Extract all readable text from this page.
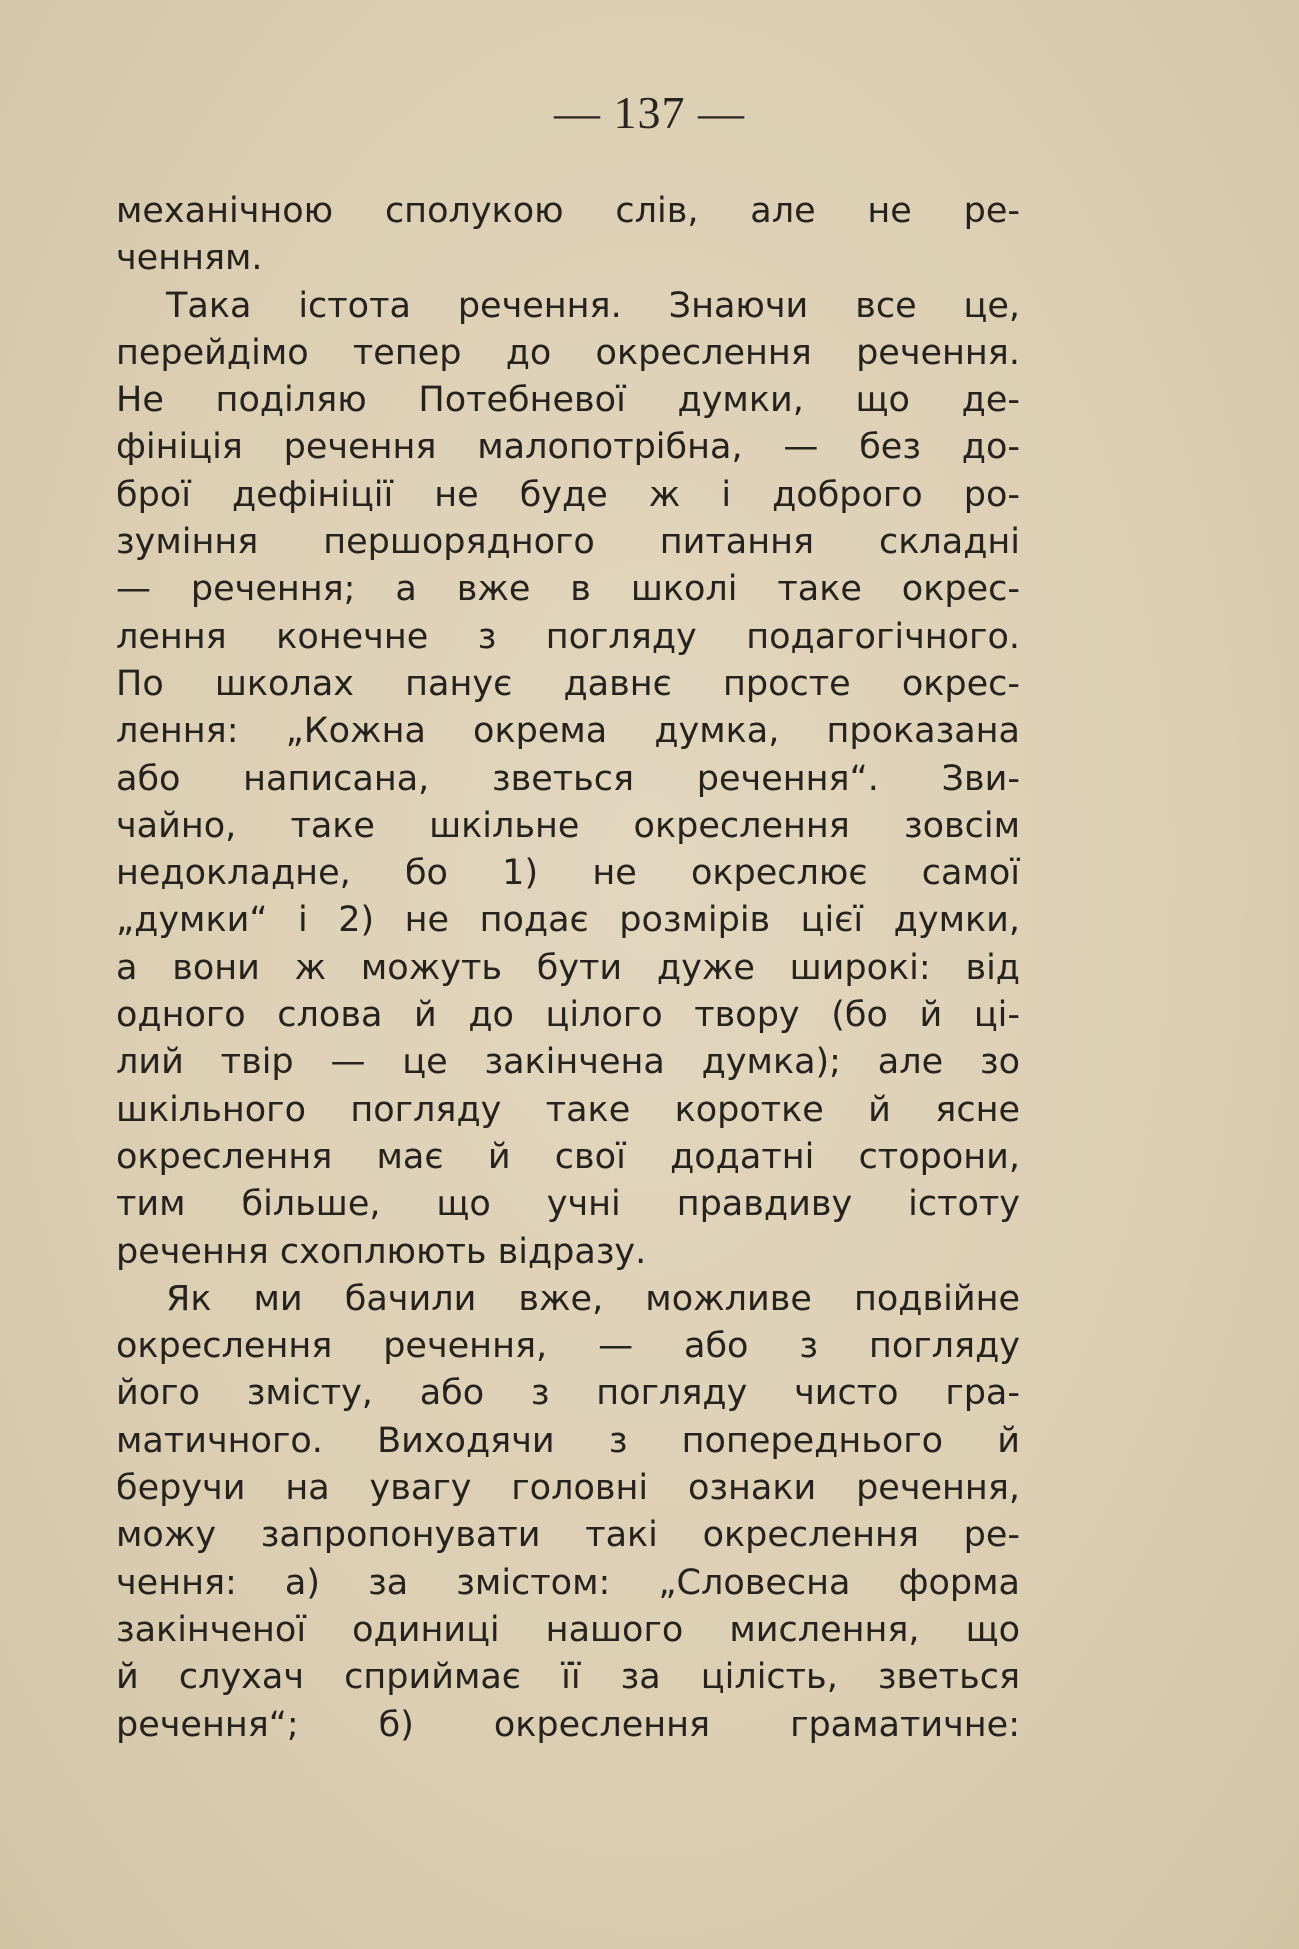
— 137 —
механічною сполукою слів, але не ре-
ченням.
Така істота речення. Знаючи все це,
перейдімо тепер до окреслення речення.
Не поділяю Потебневої думки, що де-
фініція речення малопотрібна, — без до-
брої дефініції не буде ж і доброго ро-
зуміння першорядного питання складні
— речення; а вже в школі таке окрес-
лення конечне з погляду подагогічного.
По школах панує давнє просте окрес-
лення: „Кожна окрема думка, проказана
або написана, зветься речення“. Зви-
чайно, таке шкільне окреслення зовсім
недокладне, бо 1) не окреслює самої
„думки“ і 2) не подає розмірів цієї думки,
а вони ж можуть бути дуже широкі: від
одного слова й до цілого твору (бо й ці-
лий твір — це закінчена думка); але зо
шкільного погляду таке коротке й ясне
окреслення має й свої додатні сторони,
тим більше, що учні правдиву істоту
речення схоплюють відразу.
Як ми бачили вже, можливе подвійне
окреслення речення, — або з погляду
його змісту, або з погляду чисто гра-
матичного. Виходячи з попереднього й
беручи на увагу головні ознаки речення,
можу запропонувати такі окреслення ре-
чення: а) за змістом: „Словесна форма
закінченої одиниці нашого мислення, що
й слухач сприймає її за цілість, зветься
речення“; б) окреслення граматичне:
